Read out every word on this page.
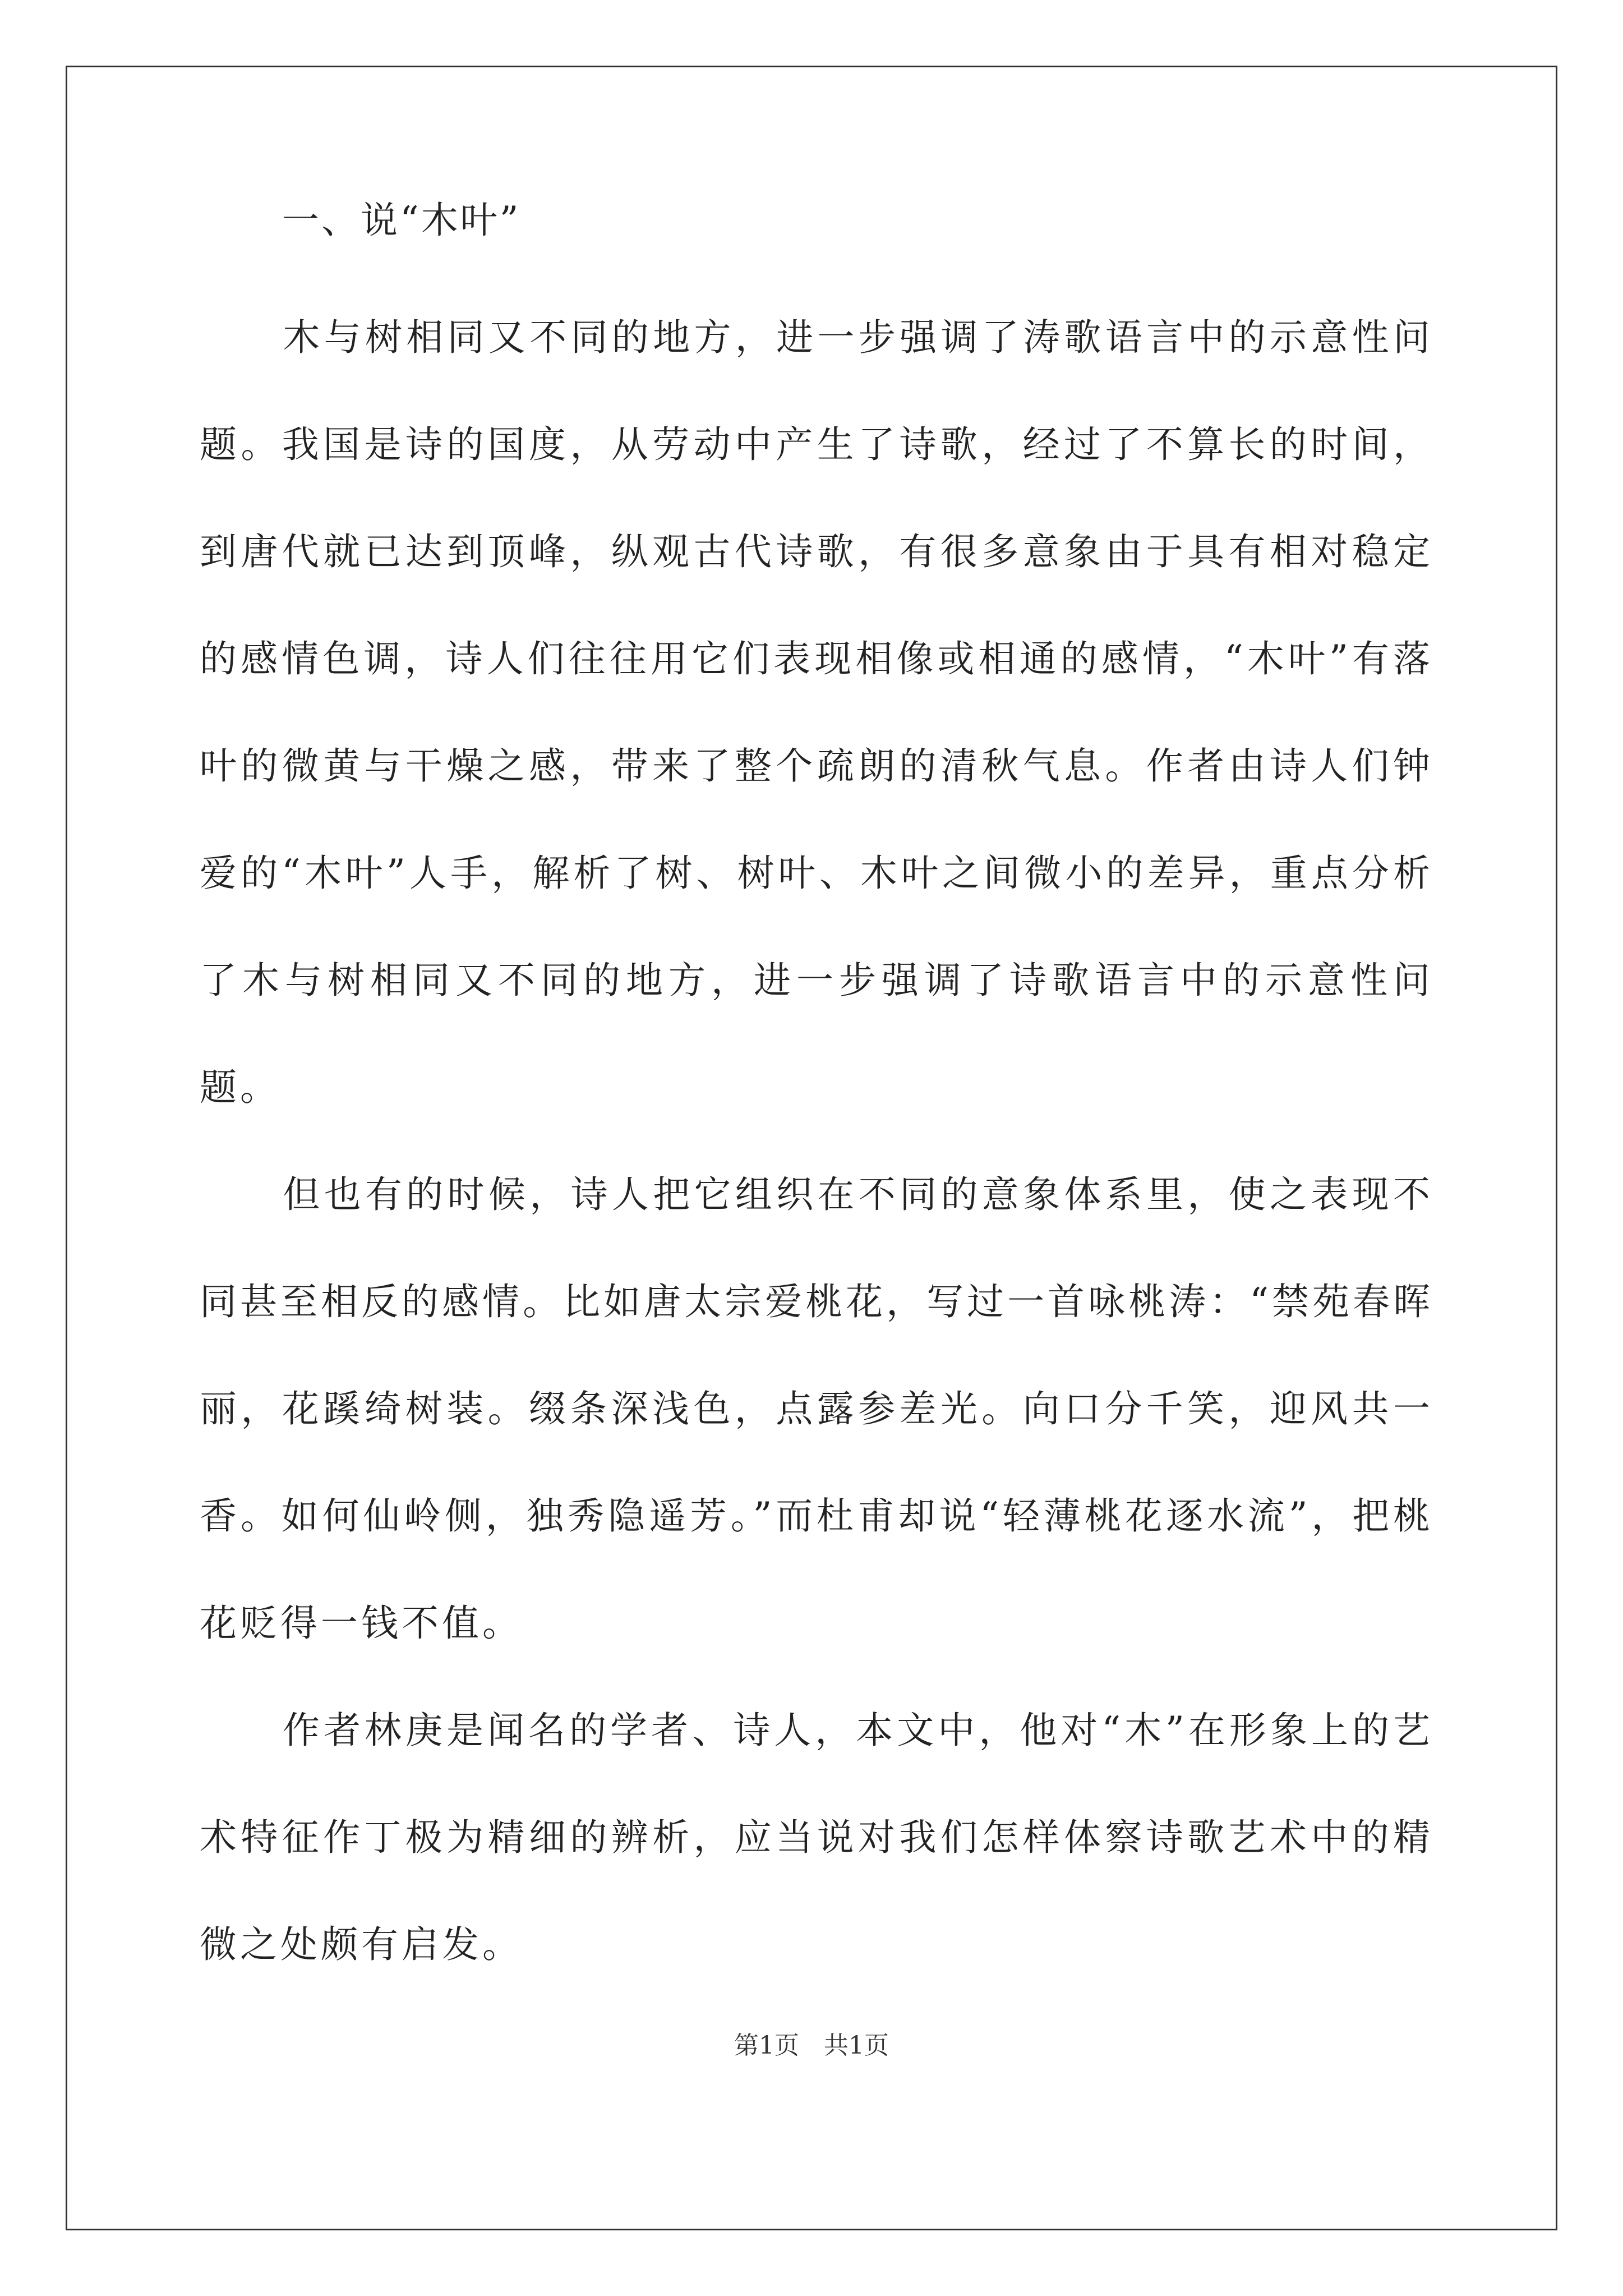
一、说“木叶”

木与树相同又不同的地方，进一步强调了涛歌语言中的示意性问题。我国是诗的国度，从劳动中产生了诗歌，经过了不算长的时间，到唐代就已达到顶峰，纵观古代诗歌，有很多意象由于具有相对稳定的感情色调，诗人们往往用它们表现相像或相通的感情，“木叶”有落叶的微黄与干燥之感，带来了整个疏朗的清秋气息。作者由诗人们钟爱的“木叶”人手，解析了树、树叶、木叶之间微小的差异，重点分析了木与树相同又不同的地方，进一步强调了诗歌语言中的示意性问题。

但也有的时候，诗人把它组织在不同的意象体系里，使之表现不同甚至相反的感情。比如唐太宗爱桃花，写过一首咏桃涛：“禁苑春晖丽，花蹊绮树装。缀条深浅色，点露参差光。向口分千笑，迎风共一香。如何仙岭侧，独秀隐遥芳。”而杜甫却说“轻薄桃花逐水流”，把桃花贬得一钱不值。

作者林庚是闻名的学者、诗人，本文中，他对“木”在形象上的艺术特征作丁极为精细的辨析，应当说对我们怎样体察诗歌艺术中的精微之处颇有启发。

第1页　共1页
